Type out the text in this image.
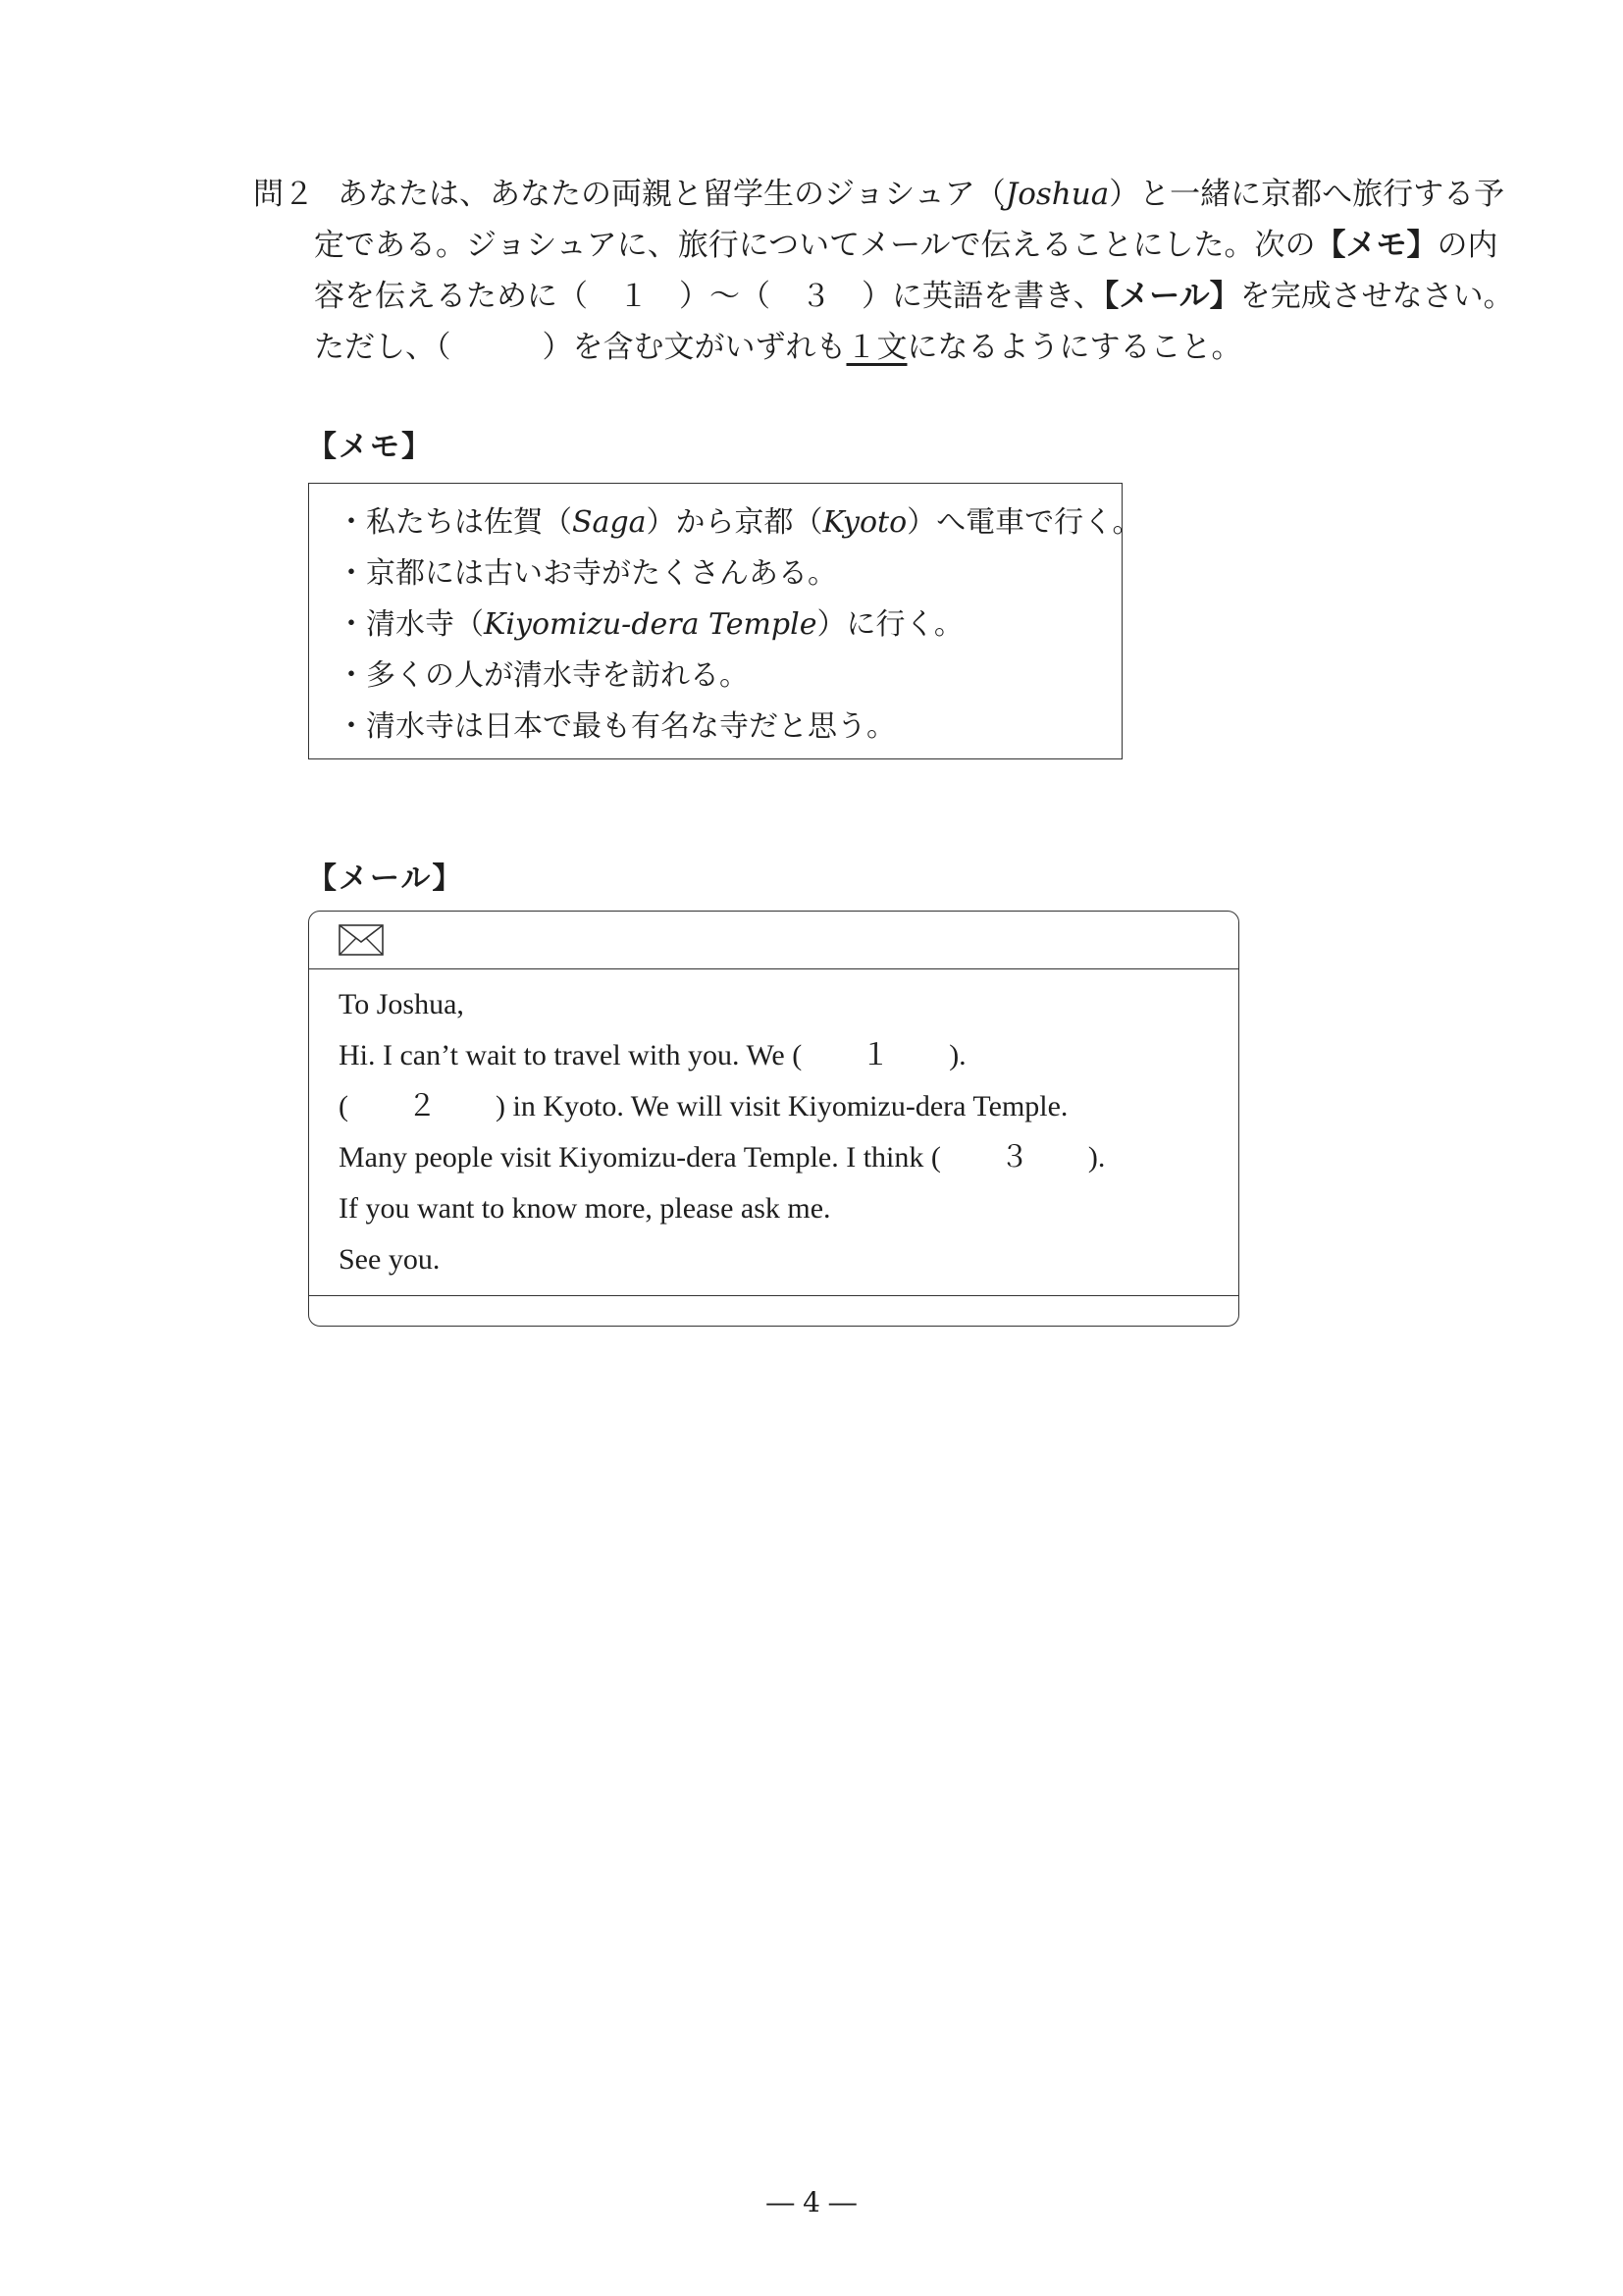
問２ あなたは、あなたの両親と留学生のジョシュア（Joshua）と一緒に京都へ旅行する予
定である。ジョシュアに、旅行についてメールで伝えることにした。次の【メモ】の内
容を伝えるために（　１　）～（　３　）に英語を書き、【メール】を完成させなさい。
ただし、（　　　）を含む文がいずれも１文になるようにすること。
【メモ】
・私たちは佐賀（Saga）から京都（Kyoto）へ電車で行く。
・京都には古いお寺がたくさんある。
・清水寺（Kiyomizu-dera Temple）に行く。
・多くの人が清水寺を訪れる。
・清水寺は日本で最も有名な寺だと思う。
【メール】
To Joshua,
Hi. I can’t wait to travel with you. We (　　１　　).
(　　２　　) in Kyoto. We will visit Kiyomizu-dera Temple.
Many people visit Kiyomizu-dera Temple. I think (　　３　　).
If you want to know more, please ask me.
See you.
― 4 ―
